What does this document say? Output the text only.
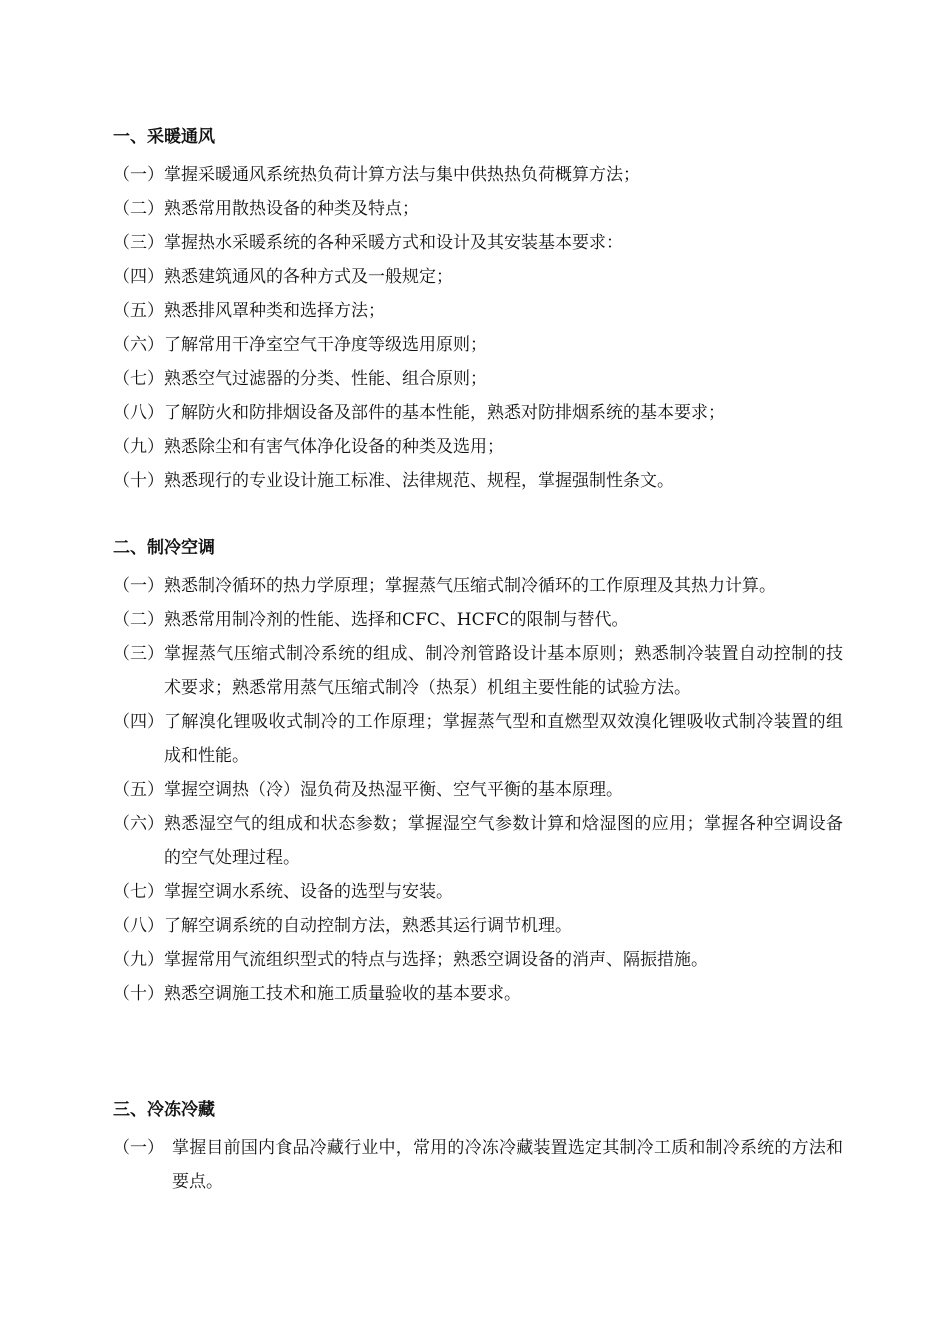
一、采暖通风
（一） 掌握采暖通风系统热负荷计算方法与集中供热热负荷概算方法；
（二） 熟悉常用散热设备的种类及特点；
（三） 掌握热水采暖系统的各种采暖方式和设计及其安装基本要求：
（四） 熟悉建筑通风的各种方式及一般规定；
（五） 熟悉排风罩种类和选择方法；
（六） 了解常用干净室空气干净度等级选用原则；
（七） 熟悉空气过滤器的分类、性能、组合原则；
（八） 了解防火和防排烟设备及部件的基本性能，熟悉对防排烟系统的基本要求；
（九） 熟悉除尘和有害气体净化设备的种类及选用；
（十） 熟悉现行的专业设计施工标准、法律规范、规程，掌握强制性条文。
二、制冷空调
（一） 熟悉制冷循环的热力学原理；掌握蒸气压缩式制冷循环的工作原理及其热力计算。
（二） 熟悉常用制冷剂的性能、选择和CFC、HCFC的限制与替代。
（三） 掌握蒸气压缩式制冷系统的组成、制冷剂管路设计基本原则；熟悉制冷装置自动控制的技术要求；熟悉常用蒸气压缩式制冷（热泵）机组主要性能的试验方法。
（四） 了解溴化锂吸收式制冷的工作原理；掌握蒸气型和直燃型双效溴化锂吸收式制冷装置的组成和性能。
（五） 掌握空调热（冷）湿负荷及热湿平衡、空气平衡的基本原理。
（六） 熟悉湿空气的组成和状态参数；掌握湿空气参数计算和焓湿图的应用；掌握各种空调设备的空气处理过程。
（七） 掌握空调水系统、设备的选型与安装。
（八） 了解空调系统的自动控制方法，熟悉其运行调节机理。
（九） 掌握常用气流组织型式的特点与选择；熟悉空调设备的消声、隔振措施。
（十） 熟悉空调施工技术和施工质量验收的基本要求。
三、冷冻冷藏
（一） 掌握目前国内食品冷藏行业中，常用的冷冻冷藏装置选定其制冷工质和制冷系统的方法和要点。
